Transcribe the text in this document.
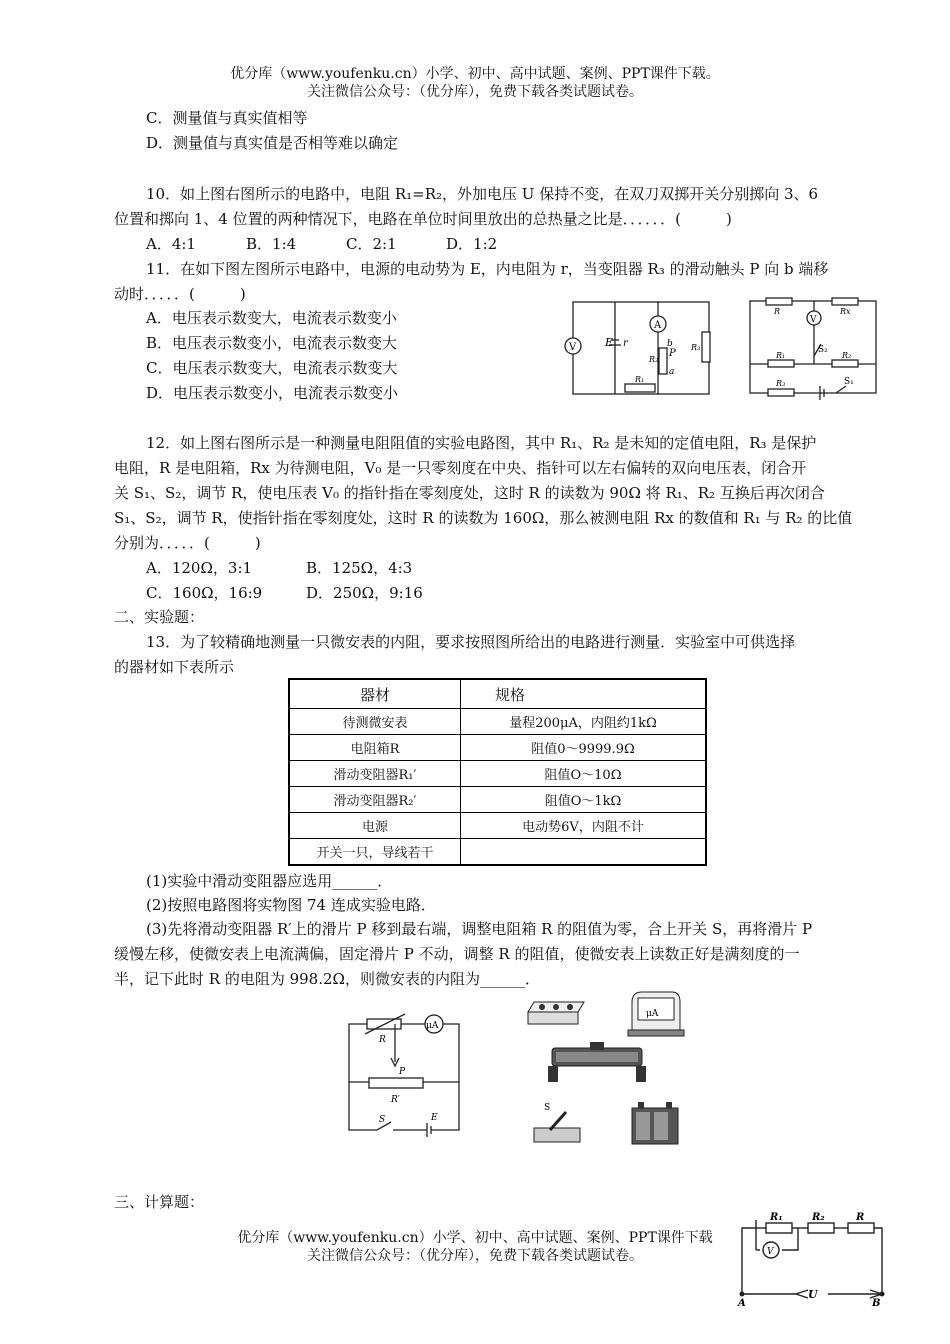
优分库（www.youfenku.cn）小学、初中、高中试题、案例、PPT课件下载。
关注微信公众号：（优分库），免费下载各类试题试卷。
C．测量值与真实值相等
D．测量值与真实值是否相等难以确定
10．如上图右图所示的电路中，电阻 R₁=R₂，外加电压 U 保持不变，在双刀双掷开关分别掷向 3、6
位置和掷向 1、4 位置的两种情况下，电路在单位时间里放出的总热量之比是．．．．．．(　　　)
A．4:1	B．1:4	C．2:1	D．1:2
11．在如下图左图所示电路中，电源的电动势为 E，内电阻为 r，当变阻器 R₃ 的滑动触头 P 向 b 端移
动时．．．．．(　　　)
A．电压表示数变大，电流表示数变小
B．电压表示数变小，电流表示数变大
C．电压表示数变大，电流表示数变大
D．电压表示数变小，电流表示数变小
V
A
E r	b
P
a
R₂
R₁
R₃
V
R	Rx
S₂
R₁	R₂
R₃	S₁
12．如上图右图所示是一种测量电阻阻值的实验电路图，其中 R₁、R₂ 是未知的定值电阻，R₃ 是保护
电阻，R 是电阻箱，Rx 为待测电阻，V₀ 是一只零刻度在中央、指针可以左右偏转的双向电压表，闭合开
关 S₁、S₂，调节 R，使电压表 V₀ 的指针指在零刻度处，这时 R 的读数为 90Ω 将 R₁、R₂ 互换后再次闭合
S₁、S₂，调节 R，使指针指在零刻度处，这时 R 的读数为 160Ω，那么被测电阻 Rx 的数值和 R₁ 与 R₂ 的比值
分别为．．．．．(　　　)
A．120Ω，3:1	B．125Ω，4:3
C．160Ω，16:9	D．250Ω，9:16
二、实验题：
13．为了较精确地测量一只微安表的内阻，要求按照图所给出的电路进行测量．实验室中可供选择
的器材如下表所示
器材	规格
待测微安表	量程200μA，内阻约1kΩ
电阻箱R	阻值0～9999.9Ω
滑动变阻器R₁′	阻值O～10Ω
滑动变阻器R₂′	阻值O～1kΩ
电源	电动势6V，内阻不计
开关一只，导线若干	
(1)实验中滑动变阻器应选用______．
(2)按照电路图将实物图 74 连成实验电路．
(3)先将滑动变阻器 R′上的滑片 P 移到最右端，调整电阻箱 R 的阻值为零，合上开关 S，再将滑片 P
缓慢左移，使微安表上电流满偏，固定滑片 P 不动，调整 R 的阻值，使微安表上读数正好是满刻度的一
半，记下此时 R 的电阻为 998.2Ω，则微安表的内阻为______．
μA
R
P
R′
S	E
μA
S
三、计算题：
优分库（www.youfenku.cn）小学、初中、高中试题、案例、PPT课件下载
关注微信公众号：（优分库），免费下载各类试题试卷。	V
R₁	R₂	R
U
A	B
